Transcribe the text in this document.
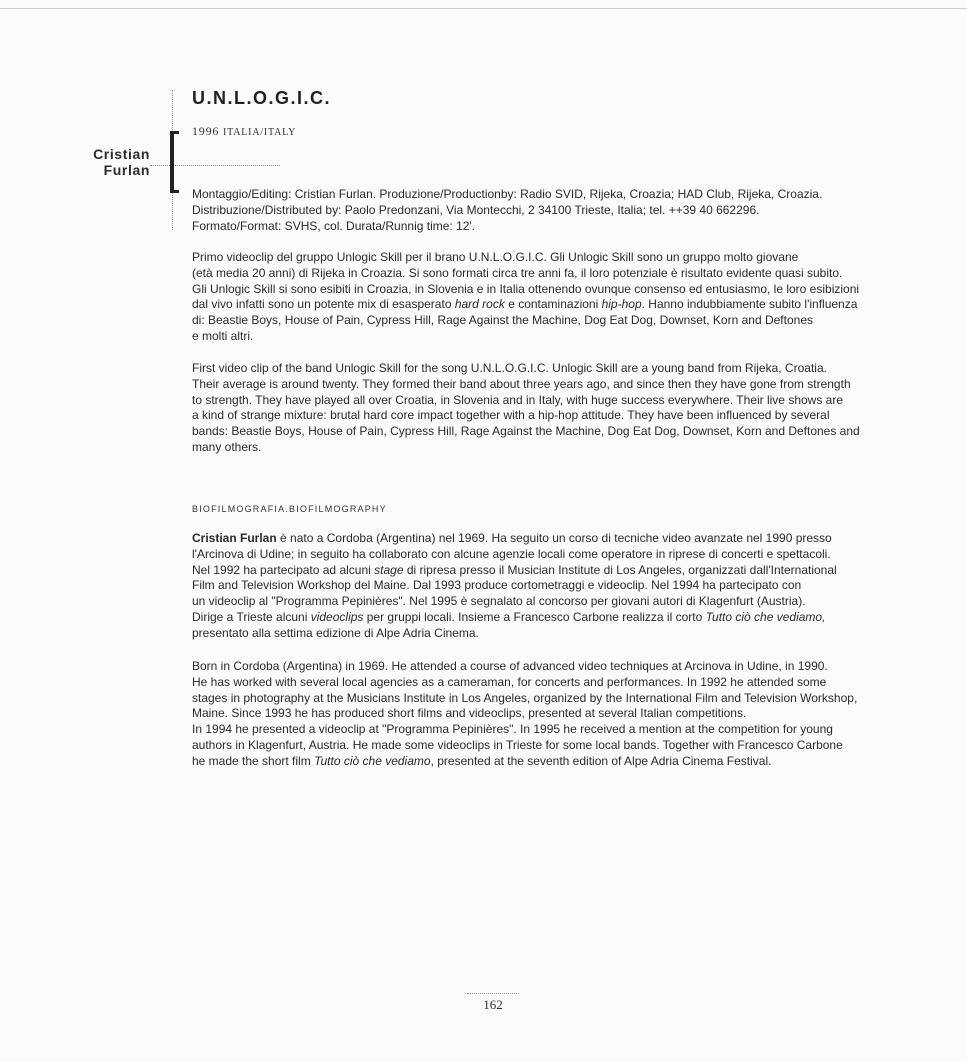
Cristian
Furlan
U.N.L.O.G.I.C.
1996 ITALIA/ITALY

Montaggio/Editing: Cristian Furlan. Produzione/Productionby: Radio SVID, Rijeka, Croazia; HAD Club, Rijeka, Croazia.

Distribuzione/Distributed by: Paolo Predonzani, Via Montecchi, 2 34100 Trieste, Italia; tel. ++39 40 662296.

Formato/Format: SVHS, col. Durata/Runnig time: 12'.

Primo videoclip del gruppo Unlogic Skill per il brano U.N.L.O.G.I.C. Gli Unlogic Skill sono un gruppo molto giovane

(età media 20 anni) di Rijeka in Croazia. Si sono formati circa tre anni fa, il loro potenziale è risultato evidente quasi subito.

Gli Unlogic Skill si sono esibiti in Croazia, in Slovenia e in Italia ottenendo ovunque consenso ed entusiasmo, le loro esibizioni

dal vivo infatti sono un potente mix di esasperato hard rock e contaminazioni hip-hop. Hanno indubbiamente subito l'influenza

di: Beastie Boys, House of Pain, Cypress Hill, Rage Against the Machine, Dog Eat Dog, Downset, Korn and Deftones

e molti altri.

First video clip of the band Unlogic Skill for the song U.N.L.O.G.I.C. Unlogic Skill are a young band from Rijeka, Croatia.

Their average is around twenty. They formed their band about three years ago, and since then they have gone from strength

to strength. They have played all over Croatia, in Slovenia and in Italy, with huge success everywhere. Their live shows are

a kind of strange mixture: brutal hard core impact together with a hip-hop attitude. They have been influenced by several

bands: Beastie Boys, House of Pain, Cypress Hill, Rage Against the Machine, Dog Eat Dog, Downset, Korn and Deftones and

many others.

BIOFILMOGRAFIA.BIOFILMOGRAPHY

Cristian Furlan è nato a Cordoba (Argentina) nel 1969. Ha seguito un corso di tecniche video avanzate nel 1990 presso

l'Arcinova di Udine; in seguito ha collaborato con alcune agenzie locali come operatore in riprese di concerti e spettacoli.

Nel 1992 ha partecipato ad alcuni stage di ripresa presso il Musician Institute di Los Angeles, organizzati dall'International

Film and Television Workshop del Maine. Dal 1993 produce cortometraggi e videoclip. Nel 1994 ha partecipato con

un videoclip al "Programma Pepinières". Nel 1995 è segnalato al concorso per giovani autori di Klagenfurt (Austria).

Dirige a Trieste alcuni videoclips per gruppi locali. Insieme a Francesco Carbone realizza il corto Tutto ciò che vediamo,

presentato alla settima edizione di Alpe Adria Cinema.

Born in Cordoba (Argentina) in 1969. He attended a course of advanced video techniques at Arcinova in Udine, in 1990.

He has worked with several local agencies as a cameraman, for concerts and performances. In 1992 he attended some

stages in photography at the Musicians Institute in Los Angeles, organized by the International Film and Television Workshop,

Maine. Since 1993 he has produced short films and videoclips, presented at several Italian competitions.

In 1994 he presented a videoclip at "Programma Pepinières". In 1995 he received a mention at the competition for young

authors in Klagenfurt, Austria. He made some videoclips in Trieste for some local bands. Together with Francesco Carbone

he made the short film Tutto ciò che vediamo, presented at the seventh edition of Alpe Adria Cinema Festival.

162
